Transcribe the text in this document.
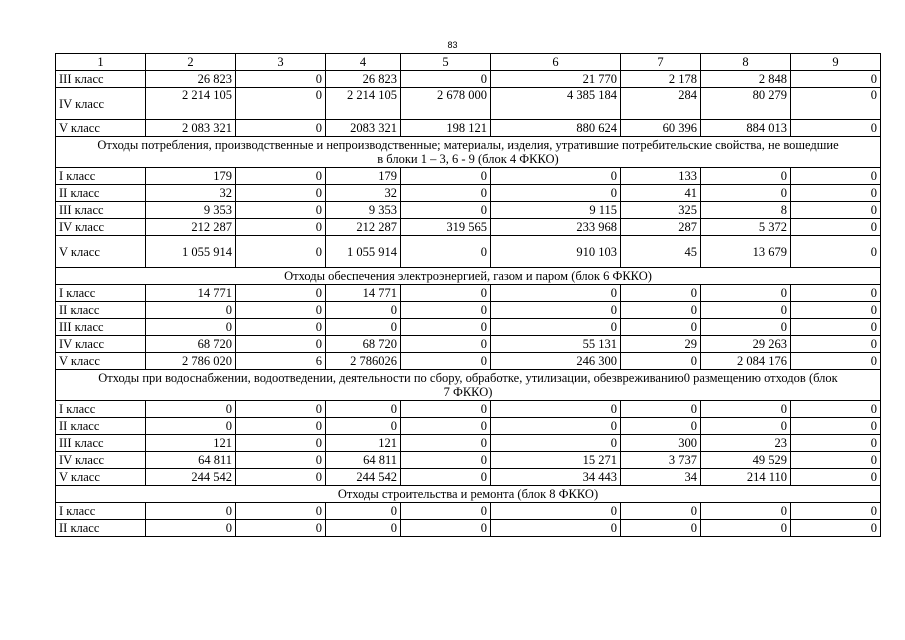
83
1	2	3	4	5	6	7	8	9
III класс	26 823	0	26 823	0	21 770	2 178	2 848	0
IV класс	2 214 105	0	2 214 105	2 678 000	4 385 184	284	80 279	0
V класс	2 083 321	0	2083 321	198 121	880 624	60 396	884 013	0
Отходы потребления, производственные и непроизводственные; материалы, изделия, утратившие потребительские свойства, не вошедшие в блоки 1 – 3, 6 - 9 (блок 4 ФККО)								
I класс	179	0	179	0	0	133	0	0
II класс	32	0	32	0	0	41	0	0
III класс	9 353	0	9 353	0	9 115	325	8	0
IV класс	212 287	0	212 287	319 565	233 968	287	5 372	0
V класс	1 055 914	0	1 055 914	0	910 103	45	13 679	0
Отходы обеспечения электроэнергией, газом и паром (блок 6 ФККО)								
I класс	14 771	0	14 771	0	0	0	0	0
II класс	0	0	0	0	0	0	0	0
III класс	0	0	0	0	0	0	0	0
IV класс	68 720	0	68 720	0	55 131	29	29 263	0
V класс	2 786 020	6	2 786026	0	246 300	0	2 084 176	0
Отходы при водоснабжении, водоотведении, деятельности по сбору, обработке, утилизации, обезвреживанию0 размещению отходов (блок 7 ФККО)								
I класс	0	0	0	0	0	0	0	0
II класс	0	0	0	0	0	0	0	0
III класс	121	0	121	0	0	300	23	0
IV класс	64 811	0	64 811	0	15 271	3 737	49 529	0
V класс	244 542	0	244 542	0	34 443	34	214 110	0
Отходы строительства и ремонта (блок 8 ФККО)								
I класс	0	0	0	0	0	0	0	0
II класс	0	0	0	0	0	0	0	0
